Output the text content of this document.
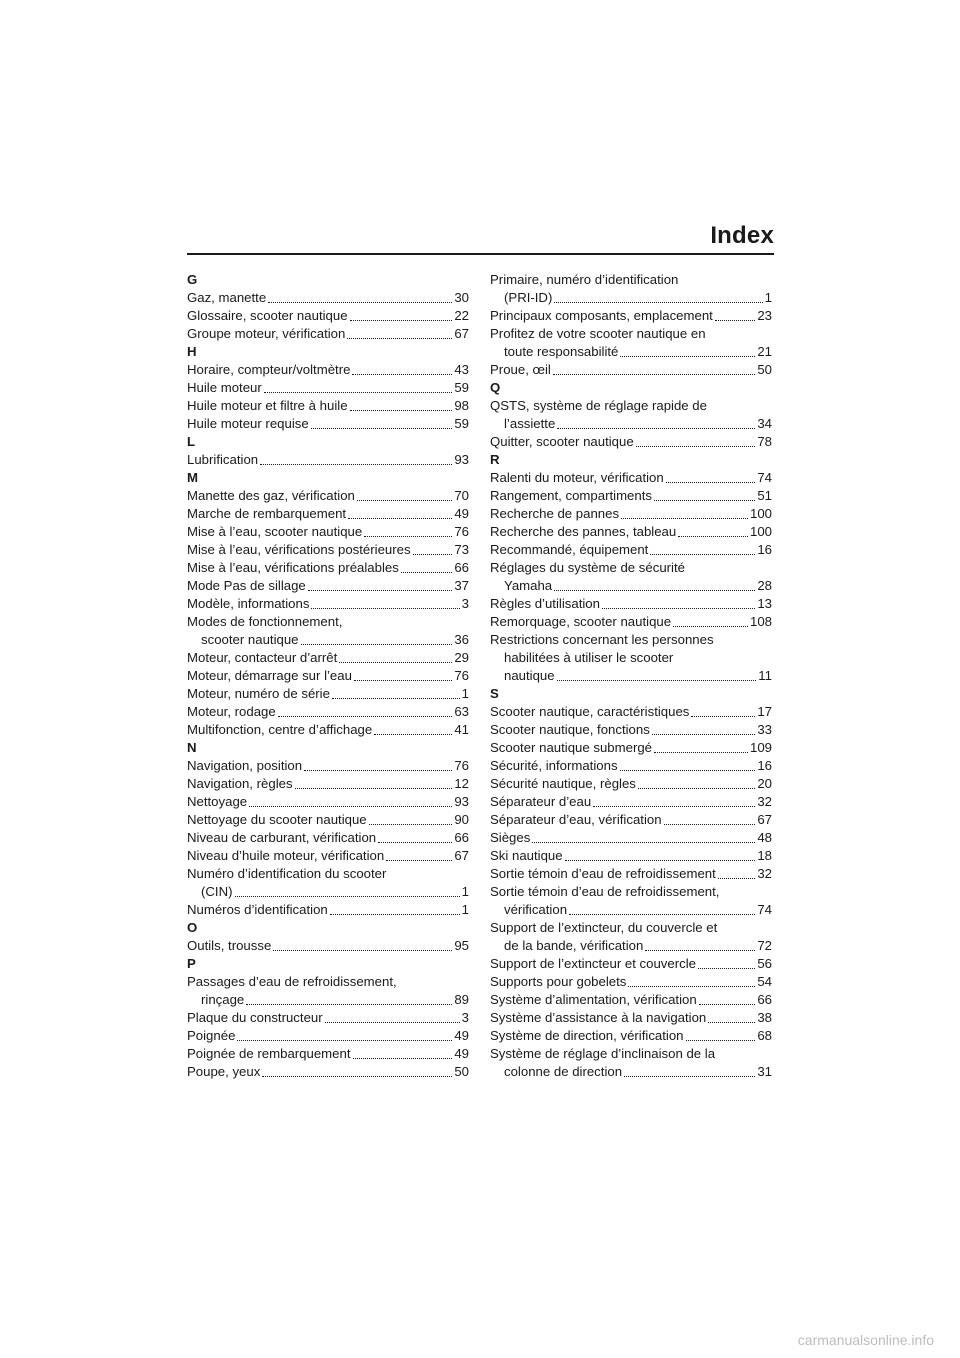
Index
G
Gaz, manette	30
Glossaire, scooter nautique	22
Groupe moteur, vérification	67
H
Horaire, compteur/voltmètre	43
Huile moteur	59
Huile moteur et filtre à huile	98
Huile moteur requise	59
L
Lubrification	93
M
Manette des gaz, vérification	70
Marche de rembarquement	49
Mise à l’eau, scooter nautique	76
Mise à l’eau, vérifications postérieures	73
Mise à l’eau, vérifications préalables	66
Mode Pas de sillage	37
Modèle, informations	3
Modes de fonctionnement,
scooter nautique	36
Moteur, contacteur d’arrêt	29
Moteur, démarrage sur l’eau	76
Moteur, numéro de série	1
Moteur, rodage	63
Multifonction, centre d’affichage	41
N
Navigation, position	76
Navigation, règles	12
Nettoyage	93
Nettoyage du scooter nautique	90
Niveau de carburant, vérification	66
Niveau d’huile moteur, vérification	67
Numéro d’identification du scooter
(CIN)	1
Numéros d’identification	1
O
Outils, trousse	95
P
Passages d’eau de refroidissement,
rinçage	89
Plaque du constructeur	3
Poignée	49
Poignée de rembarquement	49
Poupe, yeux	50
Primaire, numéro d’identification
(PRI-ID)	1
Principaux composants, emplacement	23
Profitez de votre scooter nautique en
toute responsabilité	21
Proue, œil	50
Q
QSTS, système de réglage rapide de
l’assiette	34
Quitter, scooter nautique	78
R
Ralenti du moteur, vérification	74
Rangement, compartiments	51
Recherche de pannes	100
Recherche des pannes, tableau	100
Recommandé, équipement	16
Réglages du système de sécurité
Yamaha	28
Règles d’utilisation	13
Remorquage, scooter nautique	108
Restrictions concernant les personnes
habilitées à utiliser le scooter
nautique	11
S
Scooter nautique, caractéristiques	17
Scooter nautique, fonctions	33
Scooter nautique submergé	109
Sécurité, informations	16
Sécurité nautique, règles	20
Séparateur d’eau	32
Séparateur d’eau, vérification	67
Sièges	48
Ski nautique	18
Sortie témoin d’eau de refroidissement	32
Sortie témoin d’eau de refroidissement,
vérification	74
Support de l’extincteur, du couvercle et
de la bande, vérification	72
Support de l’extincteur et couvercle	56
Supports pour gobelets	54
Système d’alimentation, vérification	66
Système d’assistance à la navigation	38
Système de direction, vérification	68
Système de réglage d’inclinaison de la
colonne de direction	31
carmanualsonline.info
